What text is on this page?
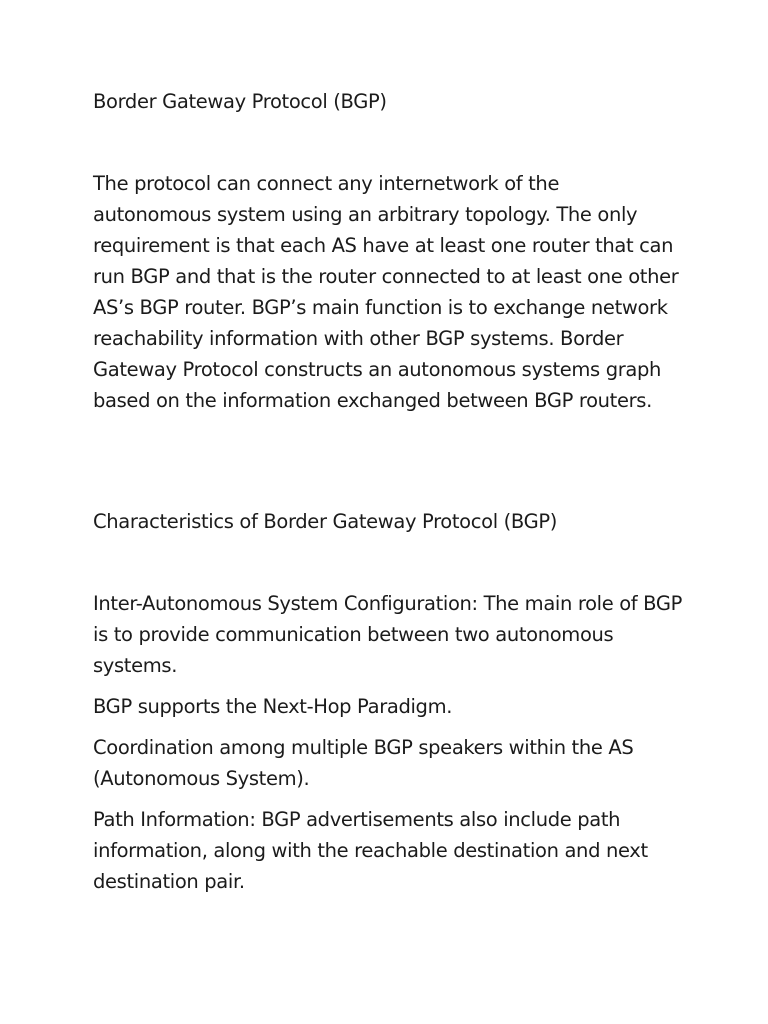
Border Gateway Protocol (BGP)

The protocol can connect any internetwork of the autonomous system using an arbitrary topology. The only requirement is that each AS have at least one router that can run BGP and that is the router connected to at least one other AS’s BGP router. BGP’s main function is to exchange network reachability information with other BGP systems. Border Gateway Protocol constructs an autonomous systems graph based on the information exchanged between BGP routers.

Characteristics of Border Gateway Protocol (BGP)

Inter-Autonomous System Configuration: The main role of BGP is to provide communication between two autonomous systems.

BGP supports the Next-Hop Paradigm.

Coordination among multiple BGP speakers within the AS (Autonomous System).

Path Information: BGP advertisements also include path information, along with the reachable destination and next destination pair.
